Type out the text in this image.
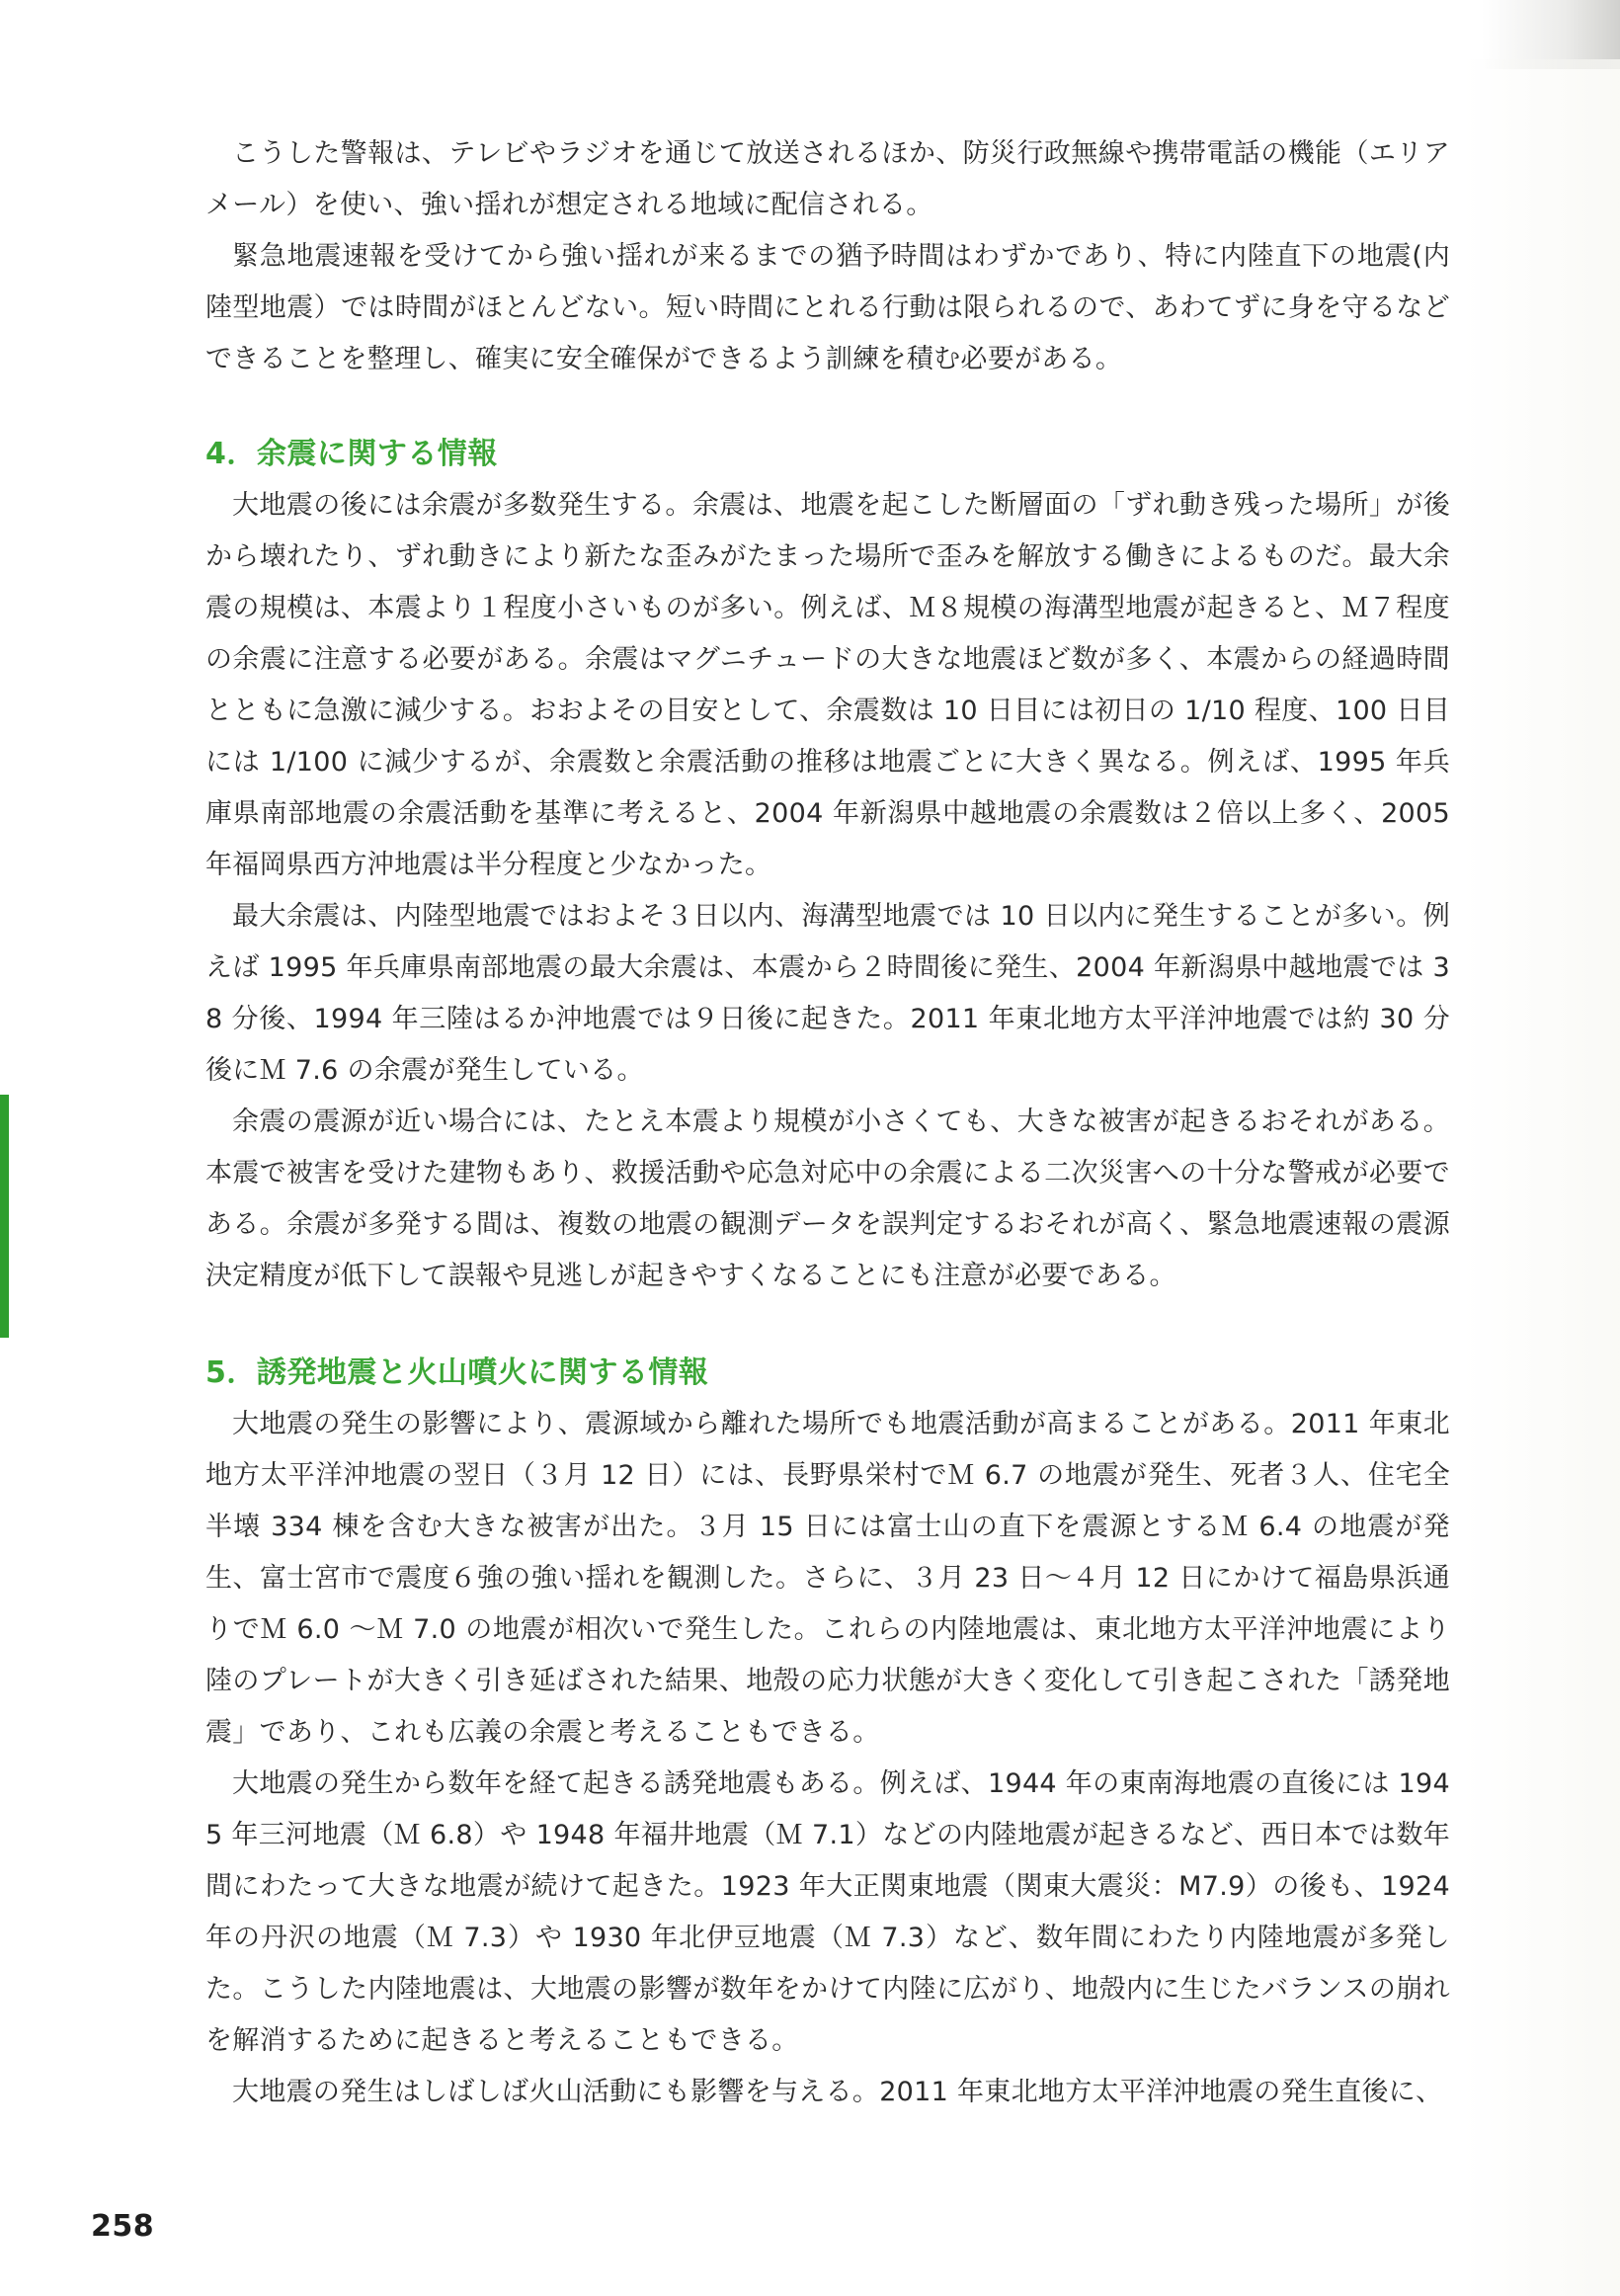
こうした警報は、テレビやラジオを通じて放送されるほか、防災行政無線や携帯電話の機能（エリアメール）を使い、強い揺れが想定される地域に配信される。

緊急地震速報を受けてから強い揺れが来るまでの猶予時間はわずかであり、特に内陸直下の地震(内陸型地震）では時間がほとんどない。短い時間にとれる行動は限られるので、あわてずに身を守るなどできることを整理し、確実に安全確保ができるよう訓練を積む必要がある。

4．余震に関する情報

大地震の後には余震が多数発生する。余震は、地震を起こした断層面の「ずれ動き残った場所」が後から壊れたり、ずれ動きにより新たな歪みがたまった場所で歪みを解放する働きによるものだ。最大余震の規模は、本震より１程度小さいものが多い。例えば、Ｍ８規模の海溝型地震が起きると、Ｍ７程度の余震に注意する必要がある。余震はマグニチュードの大きな地震ほど数が多く、本震からの経過時間とともに急激に減少する。おおよその目安として、余震数は 10 日目には初日の 1/10 程度、100 日目には 1/100 に減少するが、余震数と余震活動の推移は地震ごとに大きく異なる。例えば、1995 年兵庫県南部地震の余震活動を基準に考えると、2004 年新潟県中越地震の余震数は２倍以上多く、2005 年福岡県西方沖地震は半分程度と少なかった。

最大余震は、内陸型地震ではおよそ３日以内、海溝型地震では 10 日以内に発生することが多い。例えば 1995 年兵庫県南部地震の最大余震は、本震から２時間後に発生、2004 年新潟県中越地震では 38 分後、1994 年三陸はるか沖地震では９日後に起きた。2011 年東北地方太平洋沖地震では約 30 分後にＭ 7.6 の余震が発生している。

余震の震源が近い場合には、たとえ本震より規模が小さくても、大きな被害が起きるおそれがある。本震で被害を受けた建物もあり、救援活動や応急対応中の余震による二次災害への十分な警戒が必要である。余震が多発する間は、複数の地震の観測データを誤判定するおそれが高く、緊急地震速報の震源決定精度が低下して誤報や見逃しが起きやすくなることにも注意が必要である。

5．誘発地震と火山噴火に関する情報

大地震の発生の影響により、震源域から離れた場所でも地震活動が高まることがある。2011 年東北地方太平洋沖地震の翌日（３月 12 日）には、長野県栄村でＭ 6.7 の地震が発生、死者３人、住宅全半壊 334 棟を含む大きな被害が出た。３月 15 日には富士山の直下を震源とするＭ 6.4 の地震が発生、富士宮市で震度６強の強い揺れを観測した。さらに、３月 23 日～４月 12 日にかけて福島県浜通りでＭ 6.0 ～Ｍ 7.0 の地震が相次いで発生した。これらの内陸地震は、東北地方太平洋沖地震により陸のプレートが大きく引き延ばされた結果、地殻の応力状態が大きく変化して引き起こされた「誘発地震」であり、これも広義の余震と考えることもできる。

大地震の発生から数年を経て起きる誘発地震もある。例えば、1944 年の東南海地震の直後には 1945 年三河地震（Ｍ 6.8）や 1948 年福井地震（Ｍ 7.1）などの内陸地震が起きるなど、西日本では数年間にわたって大きな地震が続けて起きた。1923 年大正関東地震（関東大震災：M7.9）の後も、1924 年の丹沢の地震（Ｍ 7.3）や 1930 年北伊豆地震（Ｍ 7.3）など、数年間にわたり内陸地震が多発した。こうした内陸地震は、大地震の影響が数年をかけて内陸に広がり、地殻内に生じたバランスの崩れを解消するために起きると考えることもできる。

大地震の発生はしばしば火山活動にも影響を与える。2011 年東北地方太平洋沖地震の発生直後に、

258
